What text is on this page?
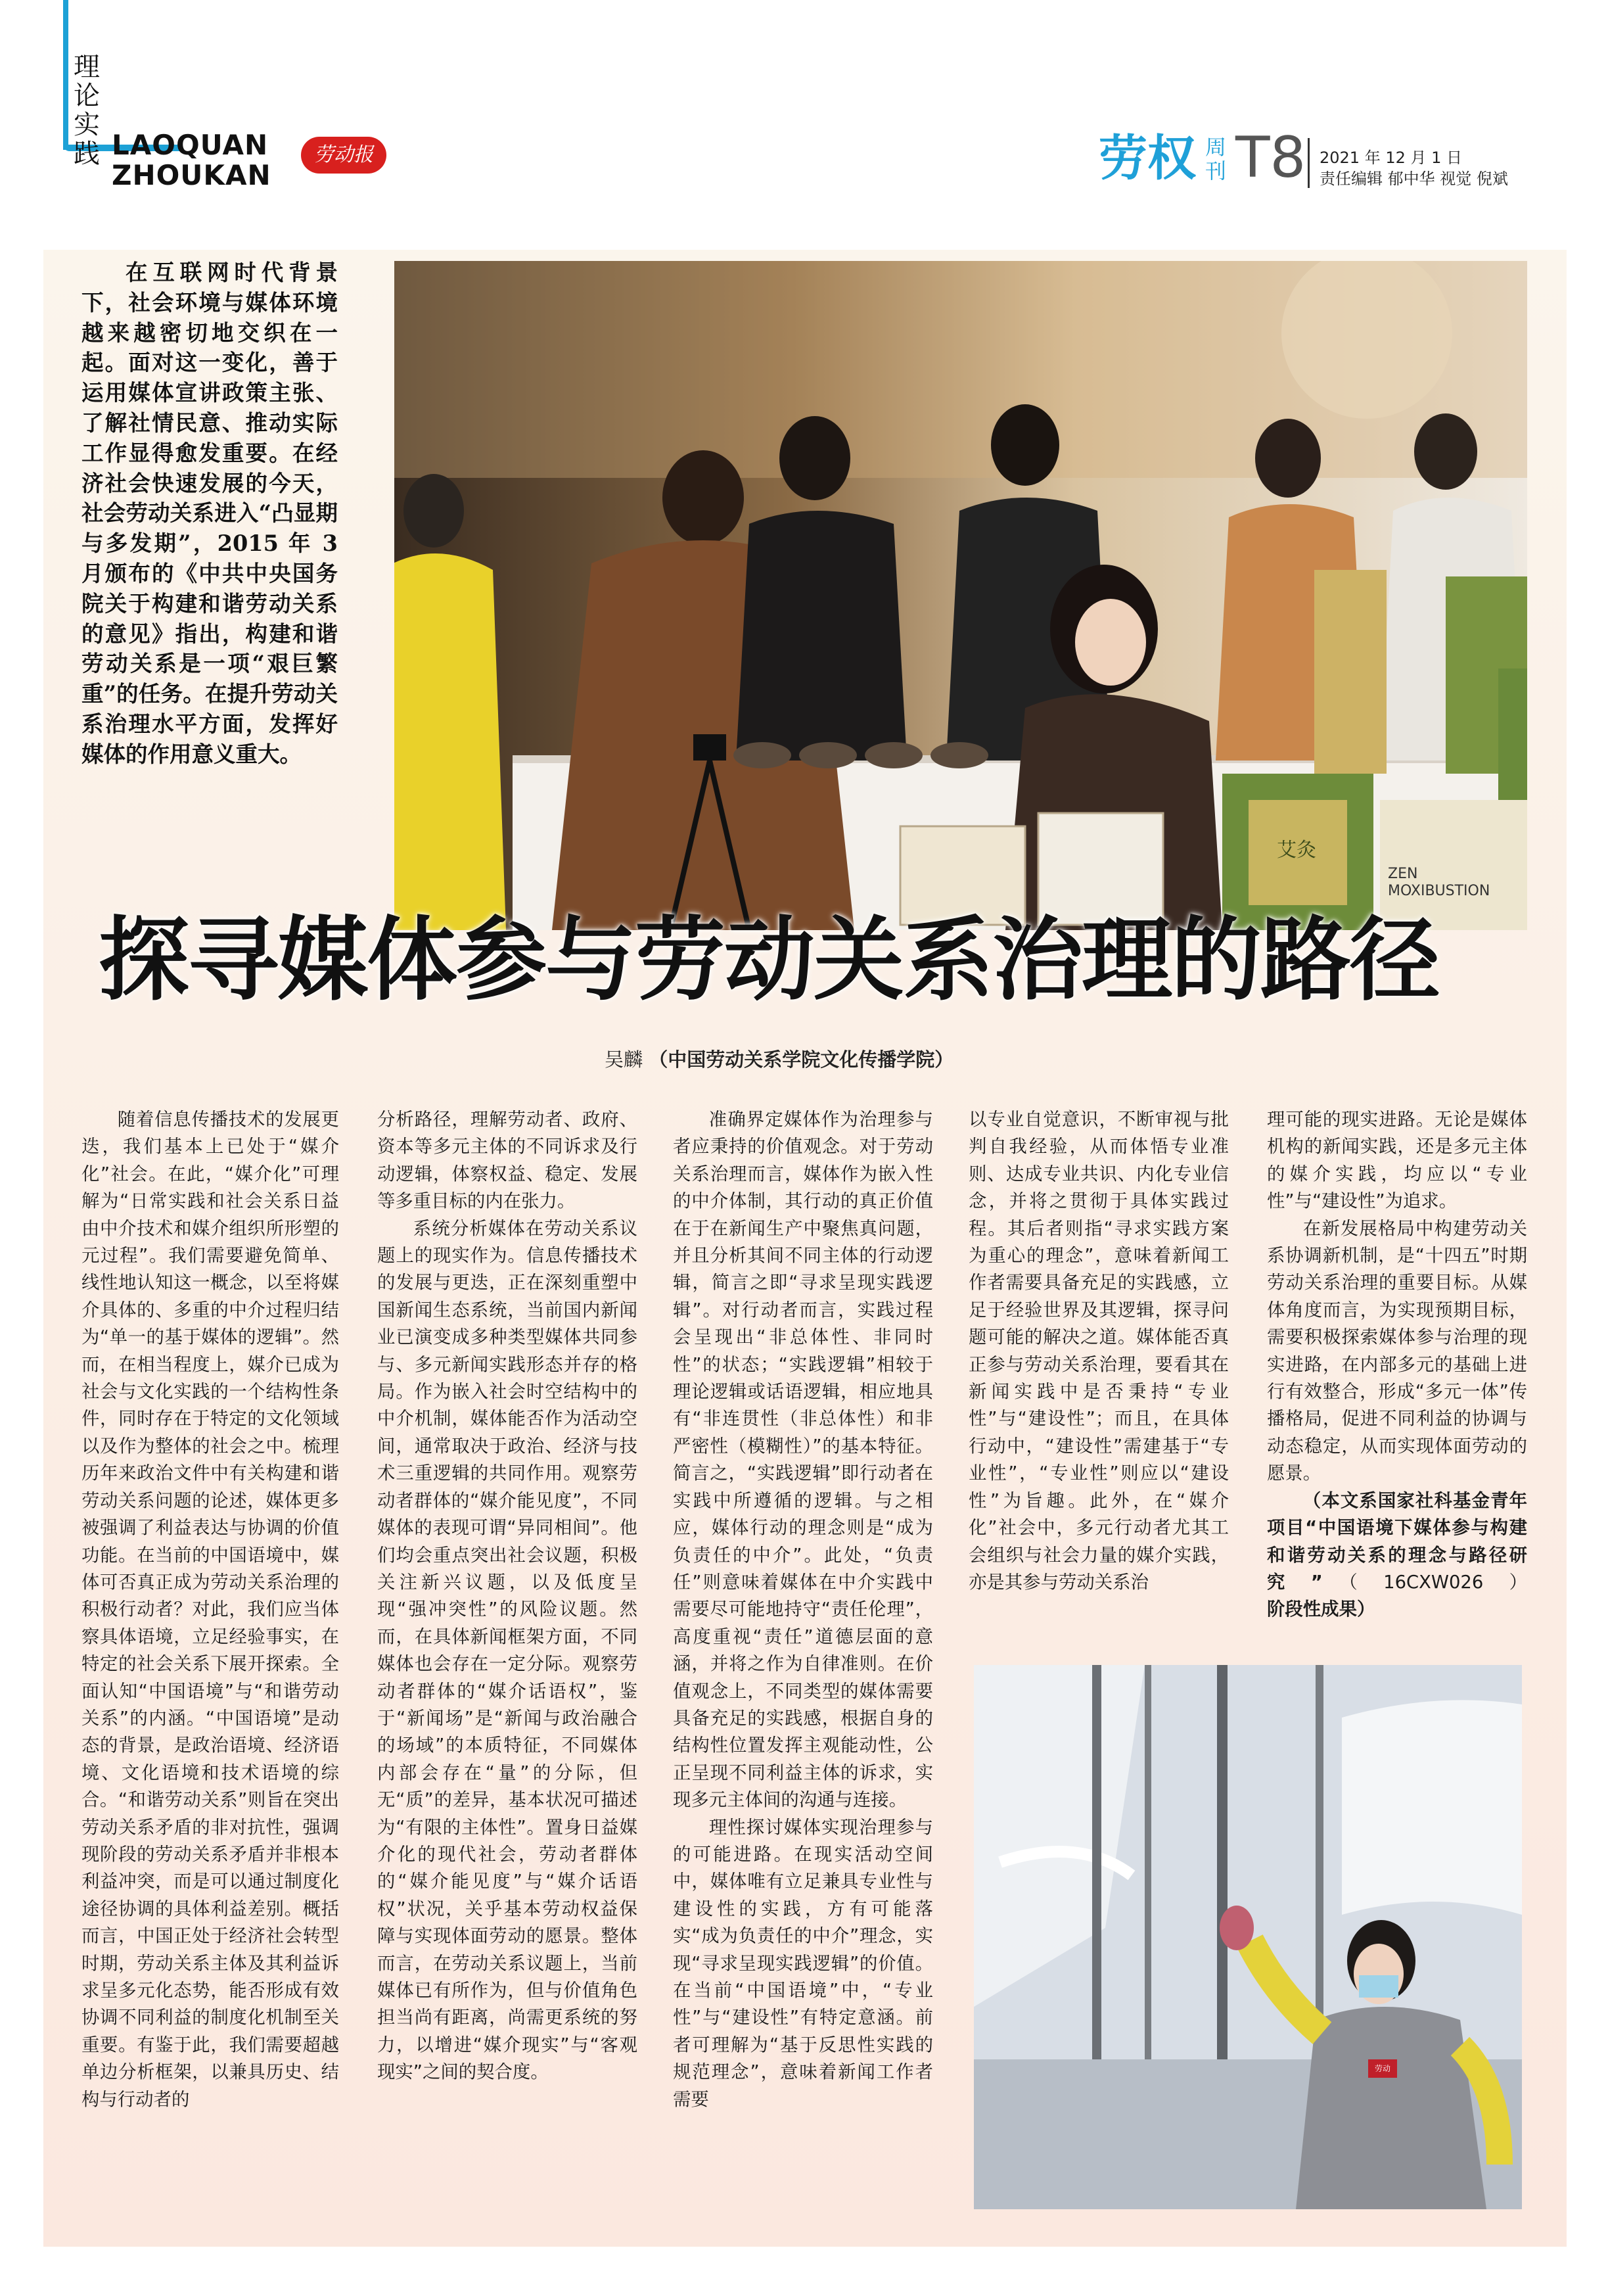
理论实践 LAOQUAN
ZHOUKAN
劳动报	劳权 周刊 T8 2021 年 12 月 1 日
责任编辑 郁中华 视觉 倪斌
在互联网时代背景下，社会环境与媒体环境越来越密切地交织在一起。面对这一变化，善于运用媒体宣讲政策主张、了解社情民意、推动实际工作显得愈发重要。在经济社会快速发展的今天，社会劳动关系进入“凸显期与多发期”，2015 年 3 月颁布的《中共中央国务院关于构建和谐劳动关系的意见》指出，构建和谐劳动关系是一项“艰巨繁重”的任务。在提升劳动关系治理水平方面，发挥好媒体的作用意义重大。
ZEN MOXIBUSTION
艾灸
探寻媒体参与劳动关系治理的路径
吴麟 （中国劳动关系学院文化传播学院）

随着信息传播技术的发展更迭，我们基本上已处于“媒介化”社会。在此，“媒介化”可理解为“日常实践和社会关系日益由中介技术和媒介组织所形塑的元过程”。我们需要避免简单、线性地认知这一概念，以至将媒介具体的、多重的中介过程归结为“单一的基于媒体的逻辑”。然而，在相当程度上，媒介已成为社会与文化实践的一个结构性条件，同时存在于特定的文化领域以及作为整体的社会之中。梳理历年来政治文件中有关构建和谐劳动关系问题的论述，媒体更多被强调了利益表达与协调的价值功能。在当前的中国语境中，媒体可否真正成为劳动关系治理的积极行动者？对此，我们应当体察具体语境，立足经验事实，在特定的社会关系下展开探索。全面认知“中国语境”与“和谐劳动关系”的内涵。“中国语境”是动态的背景，是政治语境、经济语境、文化语境和技术语境的综合。“和谐劳动关系”则旨在突出劳动关系矛盾的非对抗性，强调现阶段的劳动关系矛盾并非根本利益冲突，而是可以通过制度化途径协调的具体利益差别。概括而言，中国正处于经济社会转型时期，劳动关系主体及其利益诉求呈多元化态势，能否形成有效协调不同利益的制度化机制至关重要。有鉴于此，我们需要超越单边分析框架，以兼具历史、结构与行动者的

分析路径，理解劳动者、政府、资本等多元主体的不同诉求及行动逻辑，体察权益、稳定、发展等多重目标的内在张力。

系统分析媒体在劳动关系议题上的现实作为。信息传播技术的发展与更迭，正在深刻重塑中国新闻生态系统，当前国内新闻业已演变成多种类型媒体共同参与、多元新闻实践形态并存的格局。作为嵌入社会时空结构中的中介机制，媒体能否作为活动空间，通常取决于政治、经济与技术三重逻辑的共同作用。观察劳动者群体的“媒介能见度”，不同媒体的表现可谓“异同相间”。他们均会重点突出社会议题，积极关注新兴议题，以及低度呈现“强冲突性”的风险议题。然而，在具体新闻框架方面，不同媒体也会存在一定分际。观察劳动者群体的“媒介话语权”，鉴于“新闻场”是“新闻与政治融合的场域”的本质特征，不同媒体内部会存在“量”的分际，但无“质”的差异，基本状况可描述为“有限的主体性”。置身日益媒介化的现代社会，劳动者群体的“媒介能见度”与“媒介话语权”状况，关乎基本劳动权益保障与实现体面劳动的愿景。整体而言，在劳动关系议题上，当前媒体已有所作为，但与价值角色担当尚有距离，尚需更系统的努力，以增进“媒介现实”与“客观现实”之间的契合度。

准确界定媒体作为治理参与者应秉持的价值观念。对于劳动关系治理而言，媒体作为嵌入性的中介体制，其行动的真正价值在于在新闻生产中聚焦真问题，并且分析其间不同主体的行动逻辑，简言之即“寻求呈现实践逻辑”。对行动者而言，实践过程会呈现出“非总体性、非同时性”的状态；“实践逻辑”相较于理论逻辑或话语逻辑，相应地具有“非连贯性（非总体性）和非严密性（模糊性）”的基本特征。简言之，“实践逻辑”即行动者在实践中所遵循的逻辑。与之相应，媒体行动的理念则是“成为负责任的中介”。此处，“负责任”则意味着媒体在中介实践中需要尽可能地持守“责任伦理”，高度重视“责任”道德层面的意涵，并将之作为自律准则。在价值观念上，不同类型的媒体需要具备充足的实践感，根据自身的结构性位置发挥主观能动性，公正呈现不同利益主体的诉求，实现多元主体间的沟通与连接。

理性探讨媒体实现治理参与的可能进路。在现实活动空间中，媒体唯有立足兼具专业性与建设性的实践，方有可能落实“成为负责任的中介”理念，实现“寻求呈现实践逻辑”的价值。在当前“中国语境”中，“专业性”与“建设性”有特定意涵。前者可理解为“基于反思性实践的规范理念”，意味着新闻工作者需要

以专业自觉意识，不断审视与批判自我经验，从而体悟专业准则、达成专业共识、内化专业信念，并将之贯彻于具体实践过程。其后者则指“寻求实践方案为重心的理念”，意味着新闻工作者需要具备充足的实践感，立足于经验世界及其逻辑，探寻问题可能的解决之道。媒体能否真正参与劳动关系治理，要看其在新闻实践中是否秉持“专业性”与“建设性”；而且，在具体行动中，“建设性”需建基于“专业性”，“专业性”则应以“建设性”为旨趣。此外，在“媒介化”社会中，多元行动者尤其工会组织与社会力量的媒介实践，亦是其参与劳动关系治

理可能的现实进路。无论是媒体机构的新闻实践，还是多元主体的媒介实践，均应以“专业性”与“建设性”为追求。

在新发展格局中构建劳动关系协调新机制，是“十四五”时期劳动关系治理的重要目标。从媒体角度而言，为实现预期目标，需要积极探索媒体参与治理的现实进路，在内部多元的基础上进行有效整合，形成“多元一体”传播格局，促进不同利益的协调与动态稳定，从而实现体面劳动的愿景。

（本文系国家社科基金青年项目“中国语境下媒体参与构建和谐劳动关系的理念与路径研究”（16CXW026）阶段性成果）

劳动
